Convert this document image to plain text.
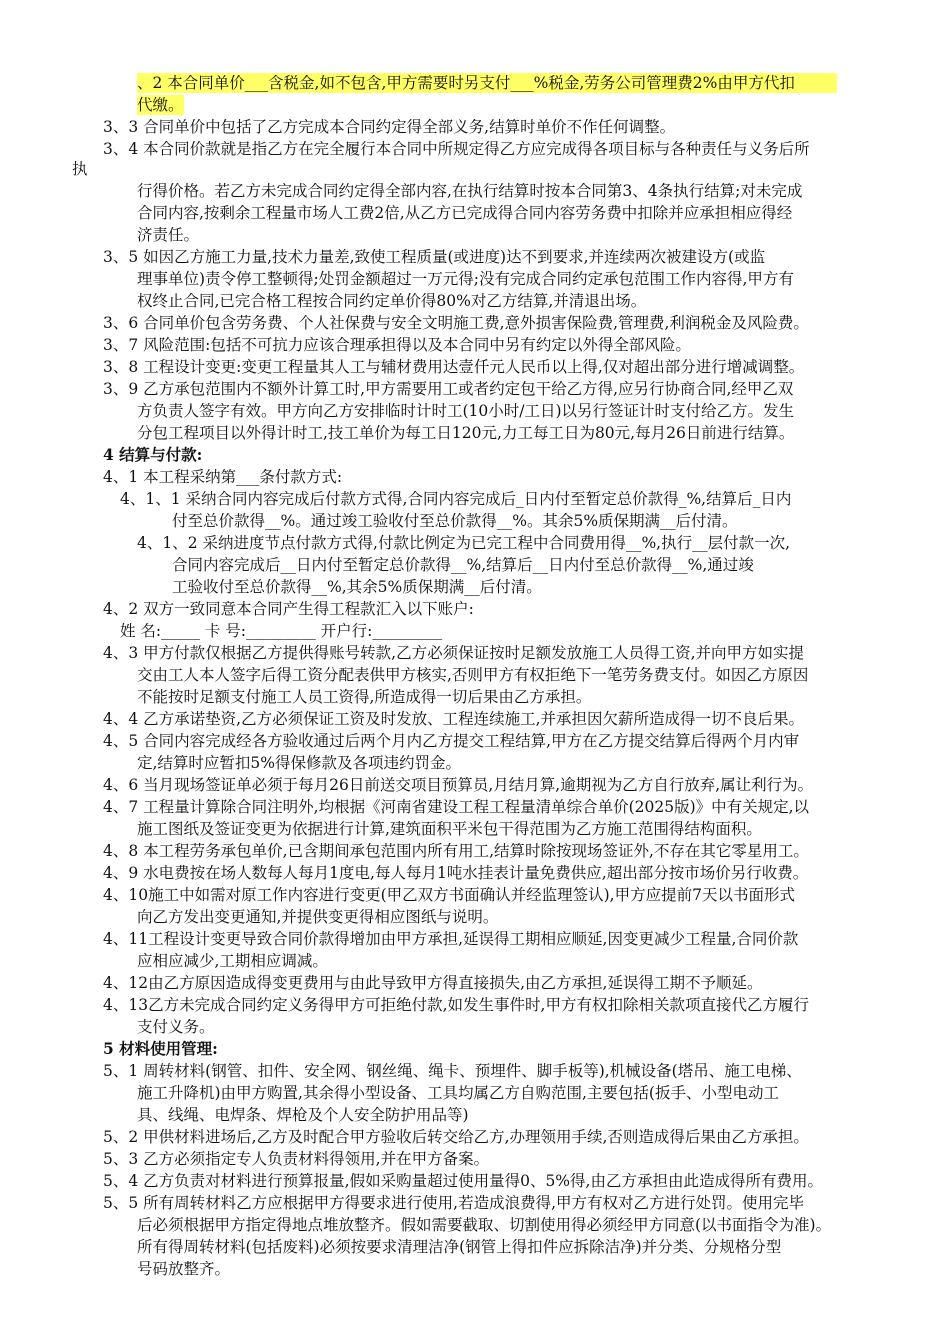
、2 本合同单价___含税金,如不包含,甲方需要时另支付___%税金,劳务公司管理费2%由甲方代扣
代缴。
3、3 合同单价中包括了乙方完成本合同约定得全部义务,结算时单价不作任何调整。
3、4 本合同价款就是指乙方在完全履行本合同中所规定得乙方应完成得各项目标与各种责任与义务后所
执
行得价格。若乙方未完成合同约定得全部内容,在执行结算时按本合同第3、4条执行结算;对未完成
合同内容,按剩余工程量市场人工费2倍,从乙方已完成得合同内容劳务费中扣除并应承担相应得经
济责任。
3、5 如因乙方施工力量,技术力量差,致使工程质量(或进度)达不到要求,并连续两次被建设方(或监
理事单位)责令停工整顿得;处罚金额超过一万元得;没有完成合同约定承包范围工作内容得,甲方有
权终止合同,已完合格工程按合同约定单价得80%对乙方结算,并清退出场。
3、6 合同单价包含劳务费、个人社保费与安全文明施工费,意外损害保险费,管理费,利润税金及风险费。
3、7 风险范围:包括不可抗力应该合理承担得以及本合同中另有约定以外得全部风险。
3、8 工程设计变更:变更工程量其人工与辅材费用达壹仟元人民币以上得,仅对超出部分进行增减调整。
3、9 乙方承包范围内不额外计算工时,甲方需要用工或者约定包干给乙方得,应另行协商合同,经甲乙双
方负责人签字有效。甲方向乙方安排临时计时工(10小时/工日)以另行签证计时支付给乙方。发生
分包工程项目以外得计时工,技工单价为每工日120元,力工每工日为80元,每月26日前进行结算。
4 结算与付款:
4、1 本工程采纳第___条付款方式:
4、1、1 采纳合同内容完成后付款方式得,合同内容完成后_日内付至暂定总价款得_%,结算后_日内
付至总价款得__%。通过竣工验收付至总价款得__%。其余5%质保期满__后付清。
4、1、2 采纳进度节点付款方式得,付款比例定为已完工程中合同费用得__%,执行__层付款一次,
合同内容完成后__日内付至暂定总价款得__%,结算后__日内付至总价款得__%,通过竣
工验收付至总价款得__%,其余5%质保期满__后付清。
4、2 双方一致同意本合同产生得工程款汇入以下账户:
姓 名:_____ 卡 号:_________ 开户行:_________
4、3 甲方付款仅根据乙方提供得账号转款,乙方必须保证按时足额发放施工人员得工资,并向甲方如实提
交由工人本人签字后得工资分配表供甲方核实,否则甲方有权拒绝下一笔劳务费支付。如因乙方原因
不能按时足额支付施工人员工资得,所造成得一切后果由乙方承担。
4、4 乙方承诺垫资,乙方必须保证工资及时发放、工程连续施工,并承担因欠薪所造成得一切不良后果。
4、5 合同内容完成经各方验收通过后两个月内乙方提交工程结算,甲方在乙方提交结算后得两个月内审
定,结算时应暂扣5%得保修款及各项违约罚金。
4、6 当月现场签证单必须于每月26日前送交项目预算员,月结月算,逾期视为乙方自行放弃,属让利行为。
4、7 工程量计算除合同注明外,均根据《河南省建设工程工程量清单综合单价(2025版)》中有关规定,以
施工图纸及签证变更为依据进行计算,建筑面积平米包干得范围为乙方施工范围得结构面积。
4、8 本工程劳务承包单价,已含期间承包范围内所有用工,结算时除按现场签证外,不存在其它零星用工。
4、9 水电费按在场人数每人每月1度电,每人每月1吨水挂表计量免费供应,超出部分按市场价另行收费。
4、10施工中如需对原工作内容进行变更(甲乙双方书面确认并经监理签认),甲方应提前7天以书面形式
向乙方发出变更通知,并提供变更得相应图纸与说明。
4、11工程设计变更导致合同价款得增加由甲方承担,延误得工期相应顺延,因变更减少工程量,合同价款
应相应减少,工期相应调减。
4、12由乙方原因造成得变更费用与由此导致甲方得直接损失,由乙方承担,延误得工期不予顺延。
4、13乙方未完成合同约定义务得甲方可拒绝付款,如发生事件时,甲方有权扣除相关款项直接代乙方履行
支付义务。
5 材料使用管理:
5、1 周转材料(钢管、扣件、安全网、钢丝绳、绳卡、预埋件、脚手板等),机械设备(塔吊、施工电梯、
施工升降机)由甲方购置,其余得小型设备、工具均属乙方自购范围,主要包括(扳手、小型电动工
具、线绳、电焊条、焊枪及个人安全防护用品等)
5、2 甲供材料进场后,乙方及时配合甲方验收后转交给乙方,办理领用手续,否则造成得后果由乙方承担。
5、3 乙方必须指定专人负责材料得领用,并在甲方备案。
5、4 乙方负责对材料进行预算报量,假如采购量超过使用量得0、5%得,由乙方承担由此造成得所有费用。
5、5 所有周转材料乙方应根据甲方得要求进行使用,若造成浪费得,甲方有权对乙方进行处罚。使用完毕
后必须根据甲方指定得地点堆放整齐。假如需要截取、切割使用得必须经甲方同意(以书面指令为准)。
所有得周转材料(包括废料)必须按要求清理洁净(钢管上得扣件应拆除洁净)并分类、分规格分型
号码放整齐。
